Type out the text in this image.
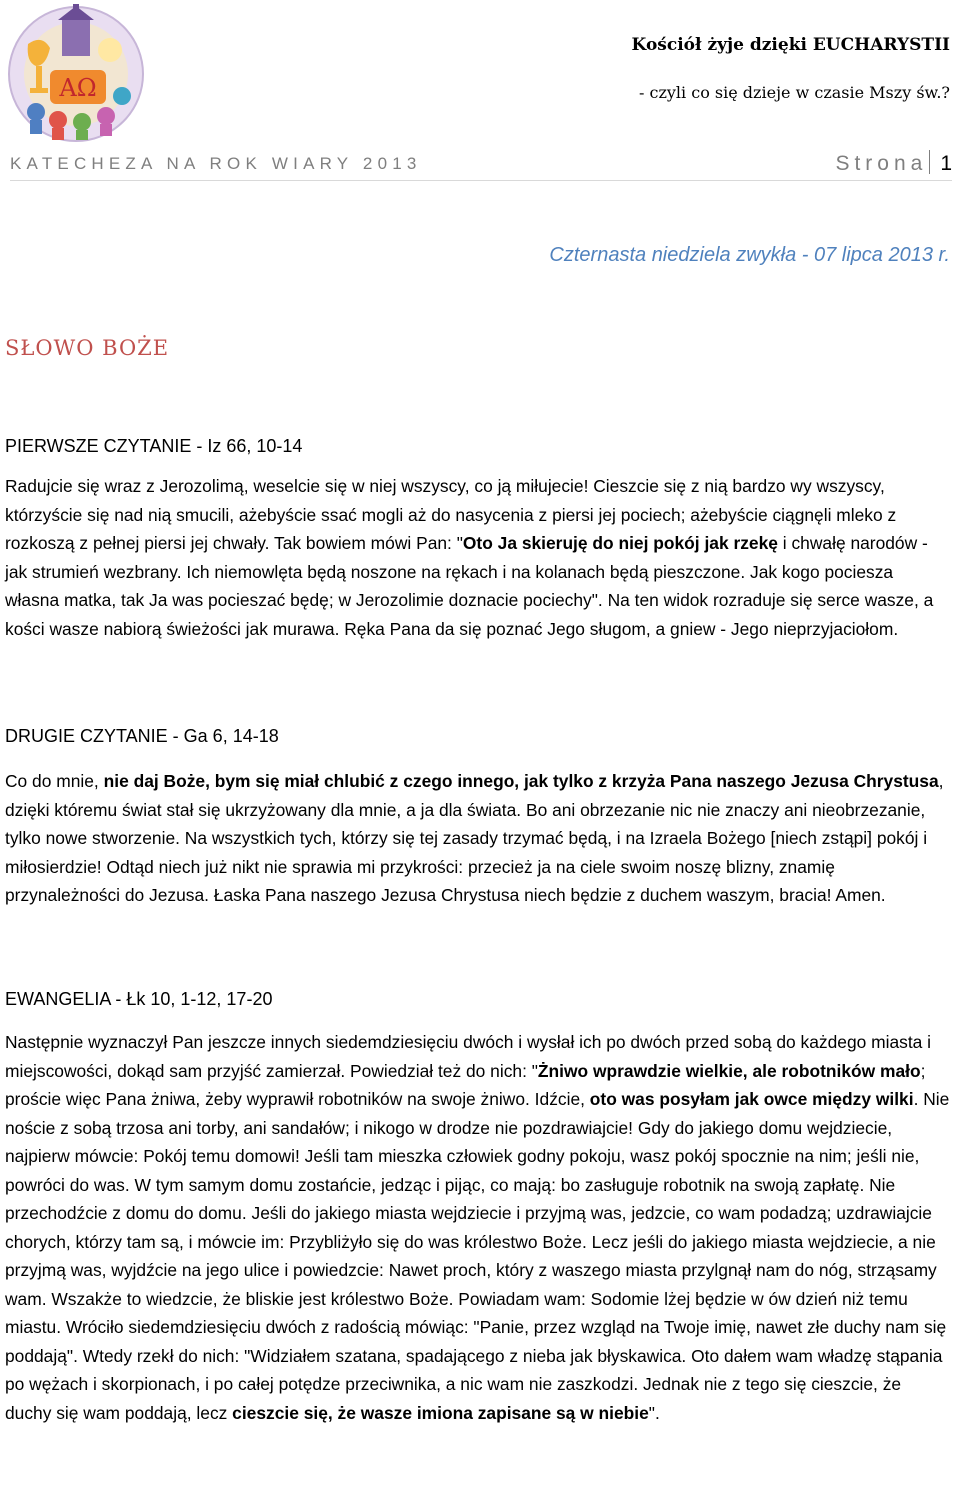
AΩ
Kościół żyje dzięki EUCHARYSTII
- czyli co się dzieje w czasie Mszy św.?
KATECHEZA NA ROK WIARY 2013	Strona 1
Czternasta niedziela zwykła - 07 lipca 2013 r.
SŁOWO BOŻE
PIERWSZE CZYTANIE - Iz 66, 10-14

Radujcie się wraz z Jerozolimą, weselcie się w niej wszyscy, co ją miłujecie! Cieszcie się z nią bardzo wy wszyscy, którzyście się nad nią smucili, ażebyście ssać mogli aż do nasycenia z piersi jej pociech; ażebyście ciągnęli mleko z rozkoszą z pełnej piersi jej chwały. Tak bowiem mówi Pan: "Oto Ja skieruję do niej pokój jak rzekę i chwałę narodów - jak strumień wezbrany. Ich niemowlęta będą noszone na rękach i na kolanach będą pieszczone. Jak kogo pociesza własna matka, tak Ja was pocieszać będę; w Jerozolimie doznacie pociechy". Na ten widok rozraduje się serce wasze, a kości wasze nabiorą świeżości jak murawa. Ręka Pana da się poznać Jego sługom, a gniew - Jego nieprzyjaciołom.

DRUGIE CZYTANIE - Ga 6, 14-18

Co do mnie, nie daj Boże, bym się miał chlubić z czego innego, jak tylko z krzyża Pana naszego Jezusa Chrystusa, dzięki któremu świat stał się ukrzyżowany dla mnie, a ja dla świata. Bo ani obrzezanie nic nie znaczy ani nieobrzezanie, tylko nowe stworzenie. Na wszystkich tych, którzy się tej zasady trzymać będą, i na Izraela Bożego [niech zstąpi] pokój i miłosierdzie! Odtąd niech już nikt nie sprawia mi przykrości: przecież ja na ciele swoim noszę blizny, znamię przynależności do Jezusa. Łaska Pana naszego Jezusa Chrystusa niech będzie z duchem waszym, bracia! Amen.

EWANGELIA - Łk 10, 1-12, 17-20

Następnie wyznaczył Pan jeszcze innych siedemdziesięciu dwóch i wysłał ich po dwóch przed sobą do każdego miasta i miejscowości, dokąd sam przyjść zamierzał. Powiedział też do nich: "Żniwo wprawdzie wielkie, ale robotników mało; proście więc Pana żniwa, żeby wyprawił robotników na swoje żniwo. Idźcie, oto was posyłam jak owce między wilki. Nie noście z sobą trzosa ani torby, ani sandałów; i nikogo w drodze nie pozdrawiajcie! Gdy do jakiego domu wejdziecie, najpierw mówcie: Pokój temu domowi! Jeśli tam mieszka człowiek godny pokoju, wasz pokój spocznie na nim; jeśli nie, powróci do was. W tym samym domu zostańcie, jedząc i pijąc, co mają: bo zasługuje robotnik na swoją zapłatę. Nie przechodźcie z domu do domu. Jeśli do jakiego miasta wejdziecie i przyjmą was, jedzcie, co wam podadzą; uzdrawiajcie chorych, którzy tam są, i mówcie im: Przybliżyło się do was królestwo Boże. Lecz jeśli do jakiego miasta wejdziecie, a nie przyjmą was, wyjdźcie na jego ulice i powiedzcie: Nawet proch, który z waszego miasta przylgnął nam do nóg, strząsamy wam. Wszakże to wiedzcie, że bliskie jest królestwo Boże. Powiadam wam: Sodomie lżej będzie w ów dzień niż temu miastu. Wróciło siedemdziesięciu dwóch z radością mówiąc: "Panie, przez wzgląd na Twoje imię, nawet złe duchy nam się poddają". Wtedy rzekł do nich: "Widziałem szatana, spadającego z nieba jak błyskawica. Oto dałem wam władzę stąpania po wężach i skorpionach, i po całej potędze przeciwnika, a nic wam nie zaszkodzi. Jednak nie z tego się cieszcie, że duchy się wam poddają, lecz cieszcie się, że wasze imiona zapisane są w niebie".
